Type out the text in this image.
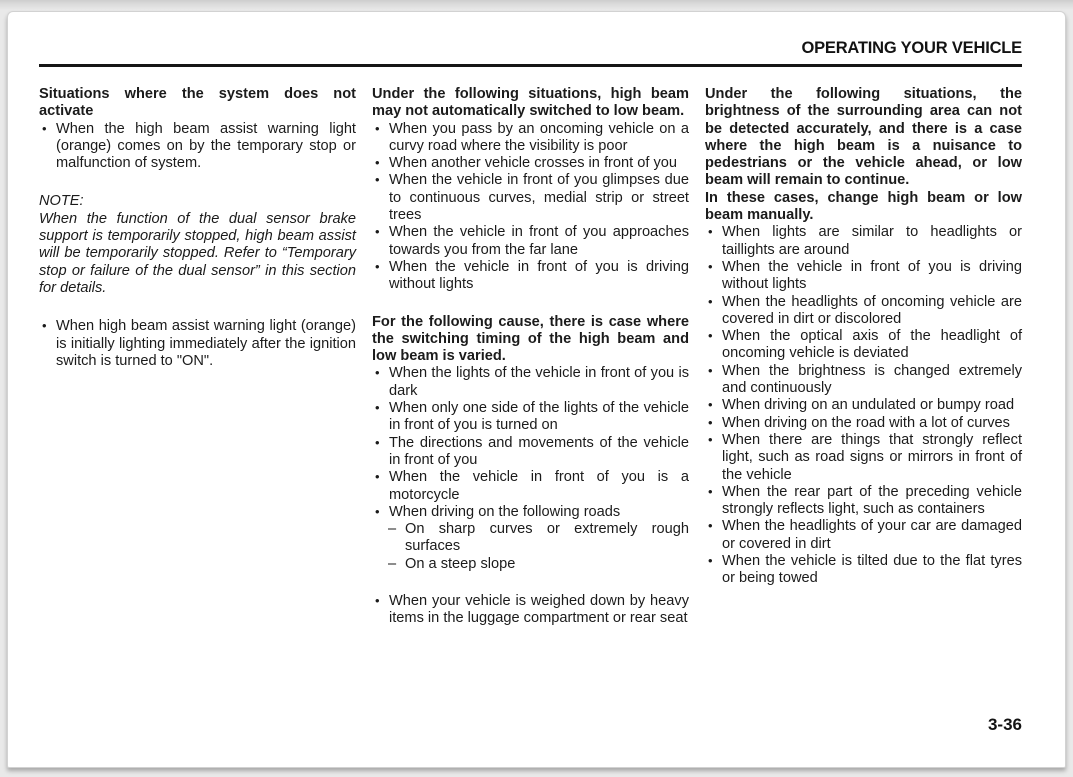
OPERATING YOUR VEHICLE
Situations where the system does not activate
• When the high beam assist warning light (orange) comes on by the temporary stop or malfunction of system.
NOTE:
When the function of the dual sensor brake support is temporarily stopped, high beam assist will be temporarily stopped. Refer to “Temporary stop or failure of the dual sensor” in this section for details.
• When high beam assist warning light (orange) is initially lighting immediately after the ignition switch is turned to "ON".
Under the following situations, high beam may not automatically switched to low beam.
• When you pass by an oncoming vehicle on a curvy road where the visibility is poor
• When another vehicle crosses in front of you
• When the vehicle in front of you glimpses due to continuous curves, medial strip or street trees
• When the vehicle in front of you approaches towards you from the far lane
• When the vehicle in front of you is driving without lights
For the following cause, there is case where the switching timing of the high beam and low beam is varied.
• When the lights of the vehicle in front of you is dark
• When only one side of the lights of the vehicle in front of you is turned on
• The directions and movements of the vehicle in front of you
• When the vehicle in front of you is a motorcycle
• When driving on the following roads
– On sharp curves or extremely rough surfaces
– On a steep slope
• When your vehicle is weighed down by heavy items in the luggage compartment or rear seat
Under the following situations, the brightness of the surrounding area can not be detected accurately, and there is a case where the high beam is a nuisance to pedestrians or the vehicle ahead, or low beam will remain to continue.
In these cases, change high beam or low beam manually.
• When lights are similar to headlights or taillights are around
• When the vehicle in front of you is driving without lights
• When the headlights of oncoming vehicle are covered in dirt or discolored
• When the optical axis of the headlight of oncoming vehicle is deviated
• When the brightness is changed extremely and continuously
• When driving on an undulated or bumpy road
• When driving on the road with a lot of curves
• When there are things that strongly reflect light, such as road signs or mirrors in front of the vehicle
• When the rear part of the preceding vehicle strongly reflects light, such as containers
• When the headlights of your car are damaged or covered in dirt
• When the vehicle is tilted due to the flat tyres or being towed
3-36
